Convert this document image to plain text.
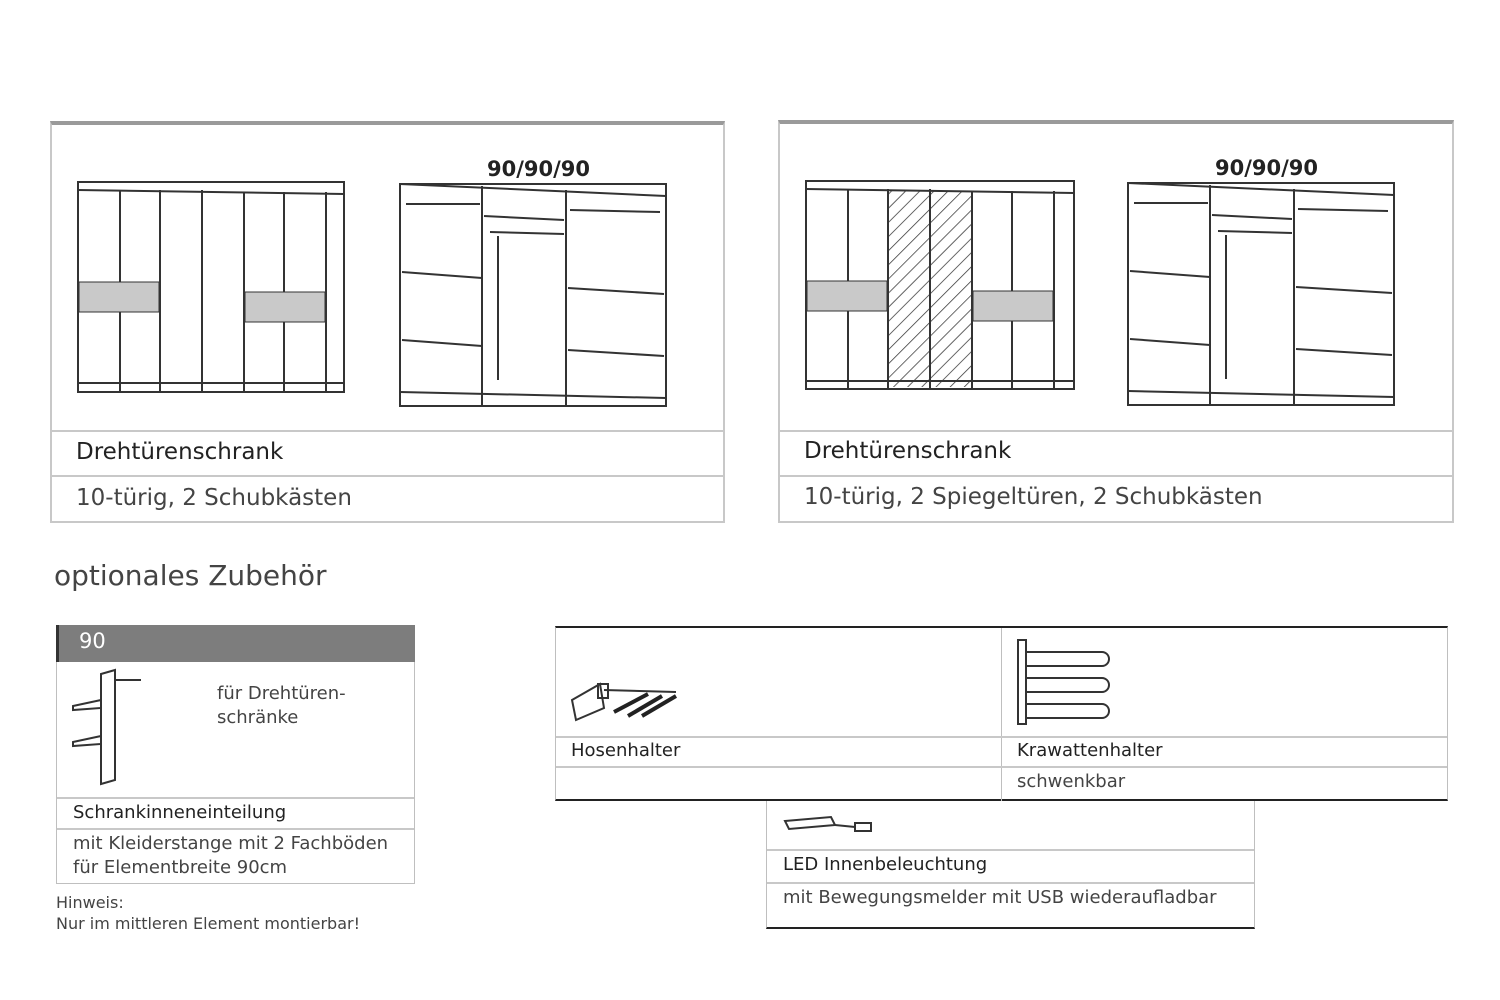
90/90/90
Drehtürenschrank
10-türig, 2 Schubkästen
90/90/90
Drehtürenschrank
10-türig, 2 Spiegeltüren, 2 Schubkästen
optionales Zubehör
90
für Drehtüren-
schränke
Schrankinneneinteilung
mit Kleiderstange mit 2 Fachböden
für Elementbreite 90cm
Hinweis:
Nur im mittleren Element montierbar!
Hosenhalter	Krawattenhalter
schwenkbar
LED Innenbeleuchtung
mit Bewegungsmelder mit USB wiederaufladbar
